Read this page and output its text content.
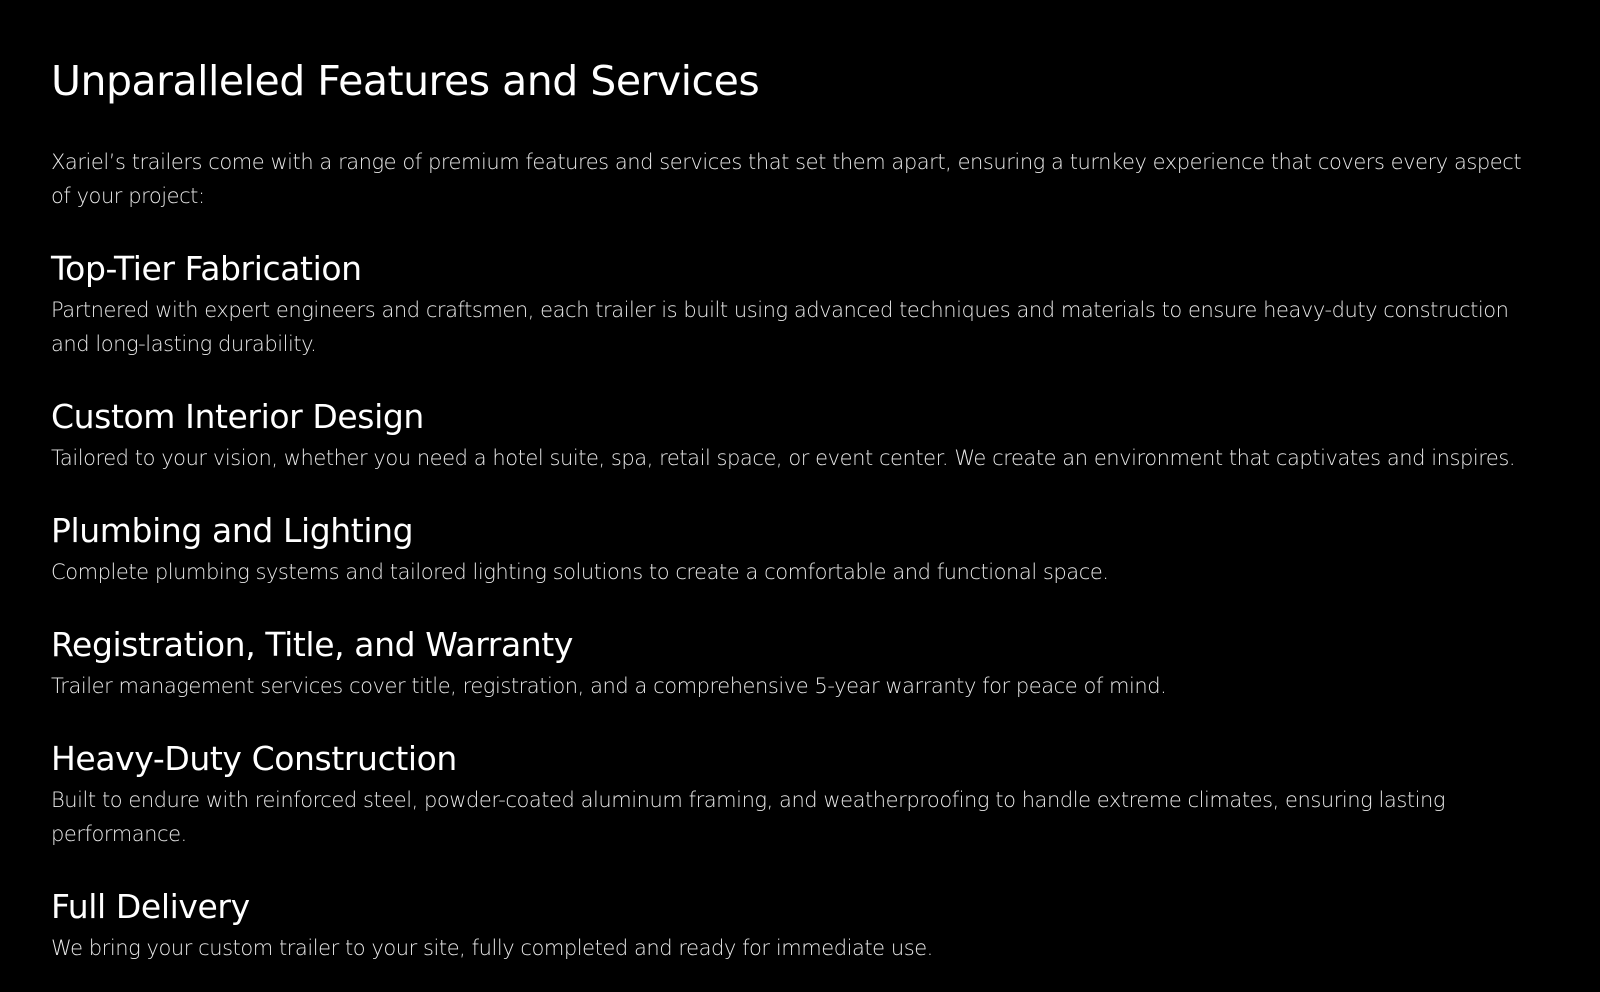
Unparalleled Features and Services

Xariel’s trailers come with a range of premium features and services that set them apart, ensuring a turnkey experience that covers every aspect of your project:

Top-Tier Fabrication

Partnered with expert engineers and craftsmen, each trailer is built using advanced techniques and materials to ensure heavy-duty construction and long-lasting durability.

Custom Interior Design

Tailored to your vision, whether you need a hotel suite, spa, retail space, or event center. We create an environment that captivates and inspires.

Plumbing and Lighting

Complete plumbing systems and tailored lighting solutions to create a comfortable and functional space.

Registration, Title, and Warranty

Trailer management services cover title, registration, and a comprehensive 5-year warranty for peace of mind.

Heavy-Duty Construction

Built to endure with reinforced steel, powder-coated aluminum framing, and weatherproofing to handle extreme climates, ensuring lasting performance.

Full Delivery

We bring your custom trailer to your site, fully completed and ready for immediate use.
